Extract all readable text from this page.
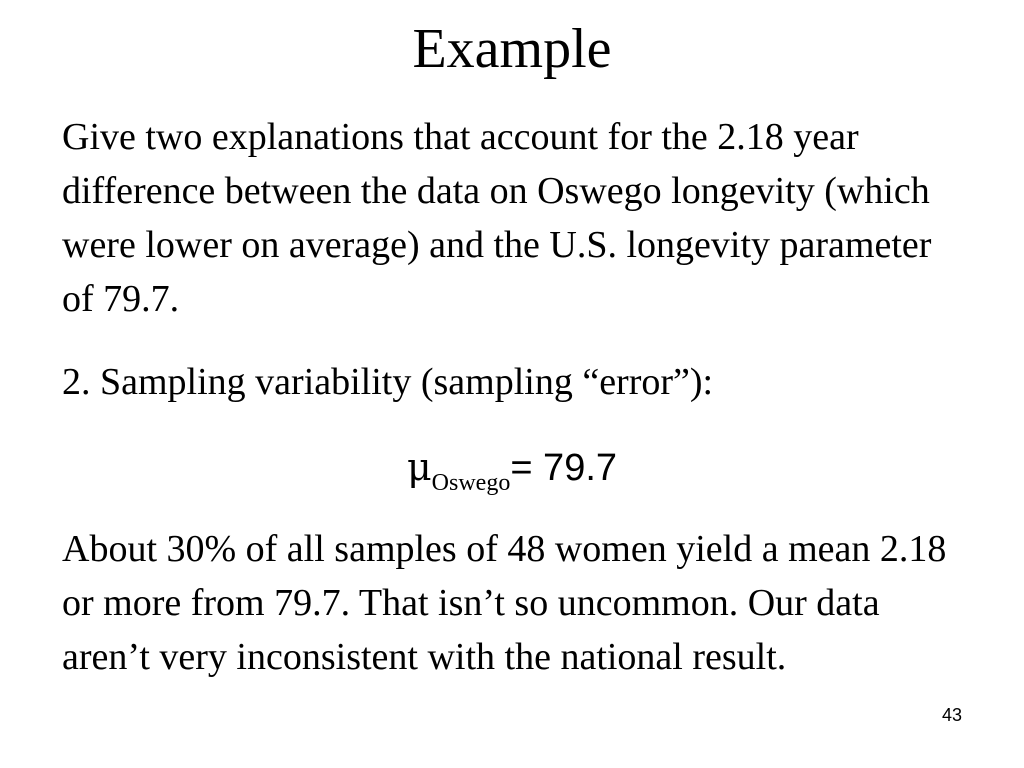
Example

Give two explanations that account for the 2.18 year difference between the data on Oswego longevity (which were lower on average) and the U.S. longevity parameter of 79.7.

2. Sampling variability (sampling “error”):

$\mu_{Oswego}= 79.7$

About 30% of all samples of 48 women yield a mean 2.18 or more from 79.7. That isn’t so uncommon. Our data aren’t very inconsistent with the national result.

43
